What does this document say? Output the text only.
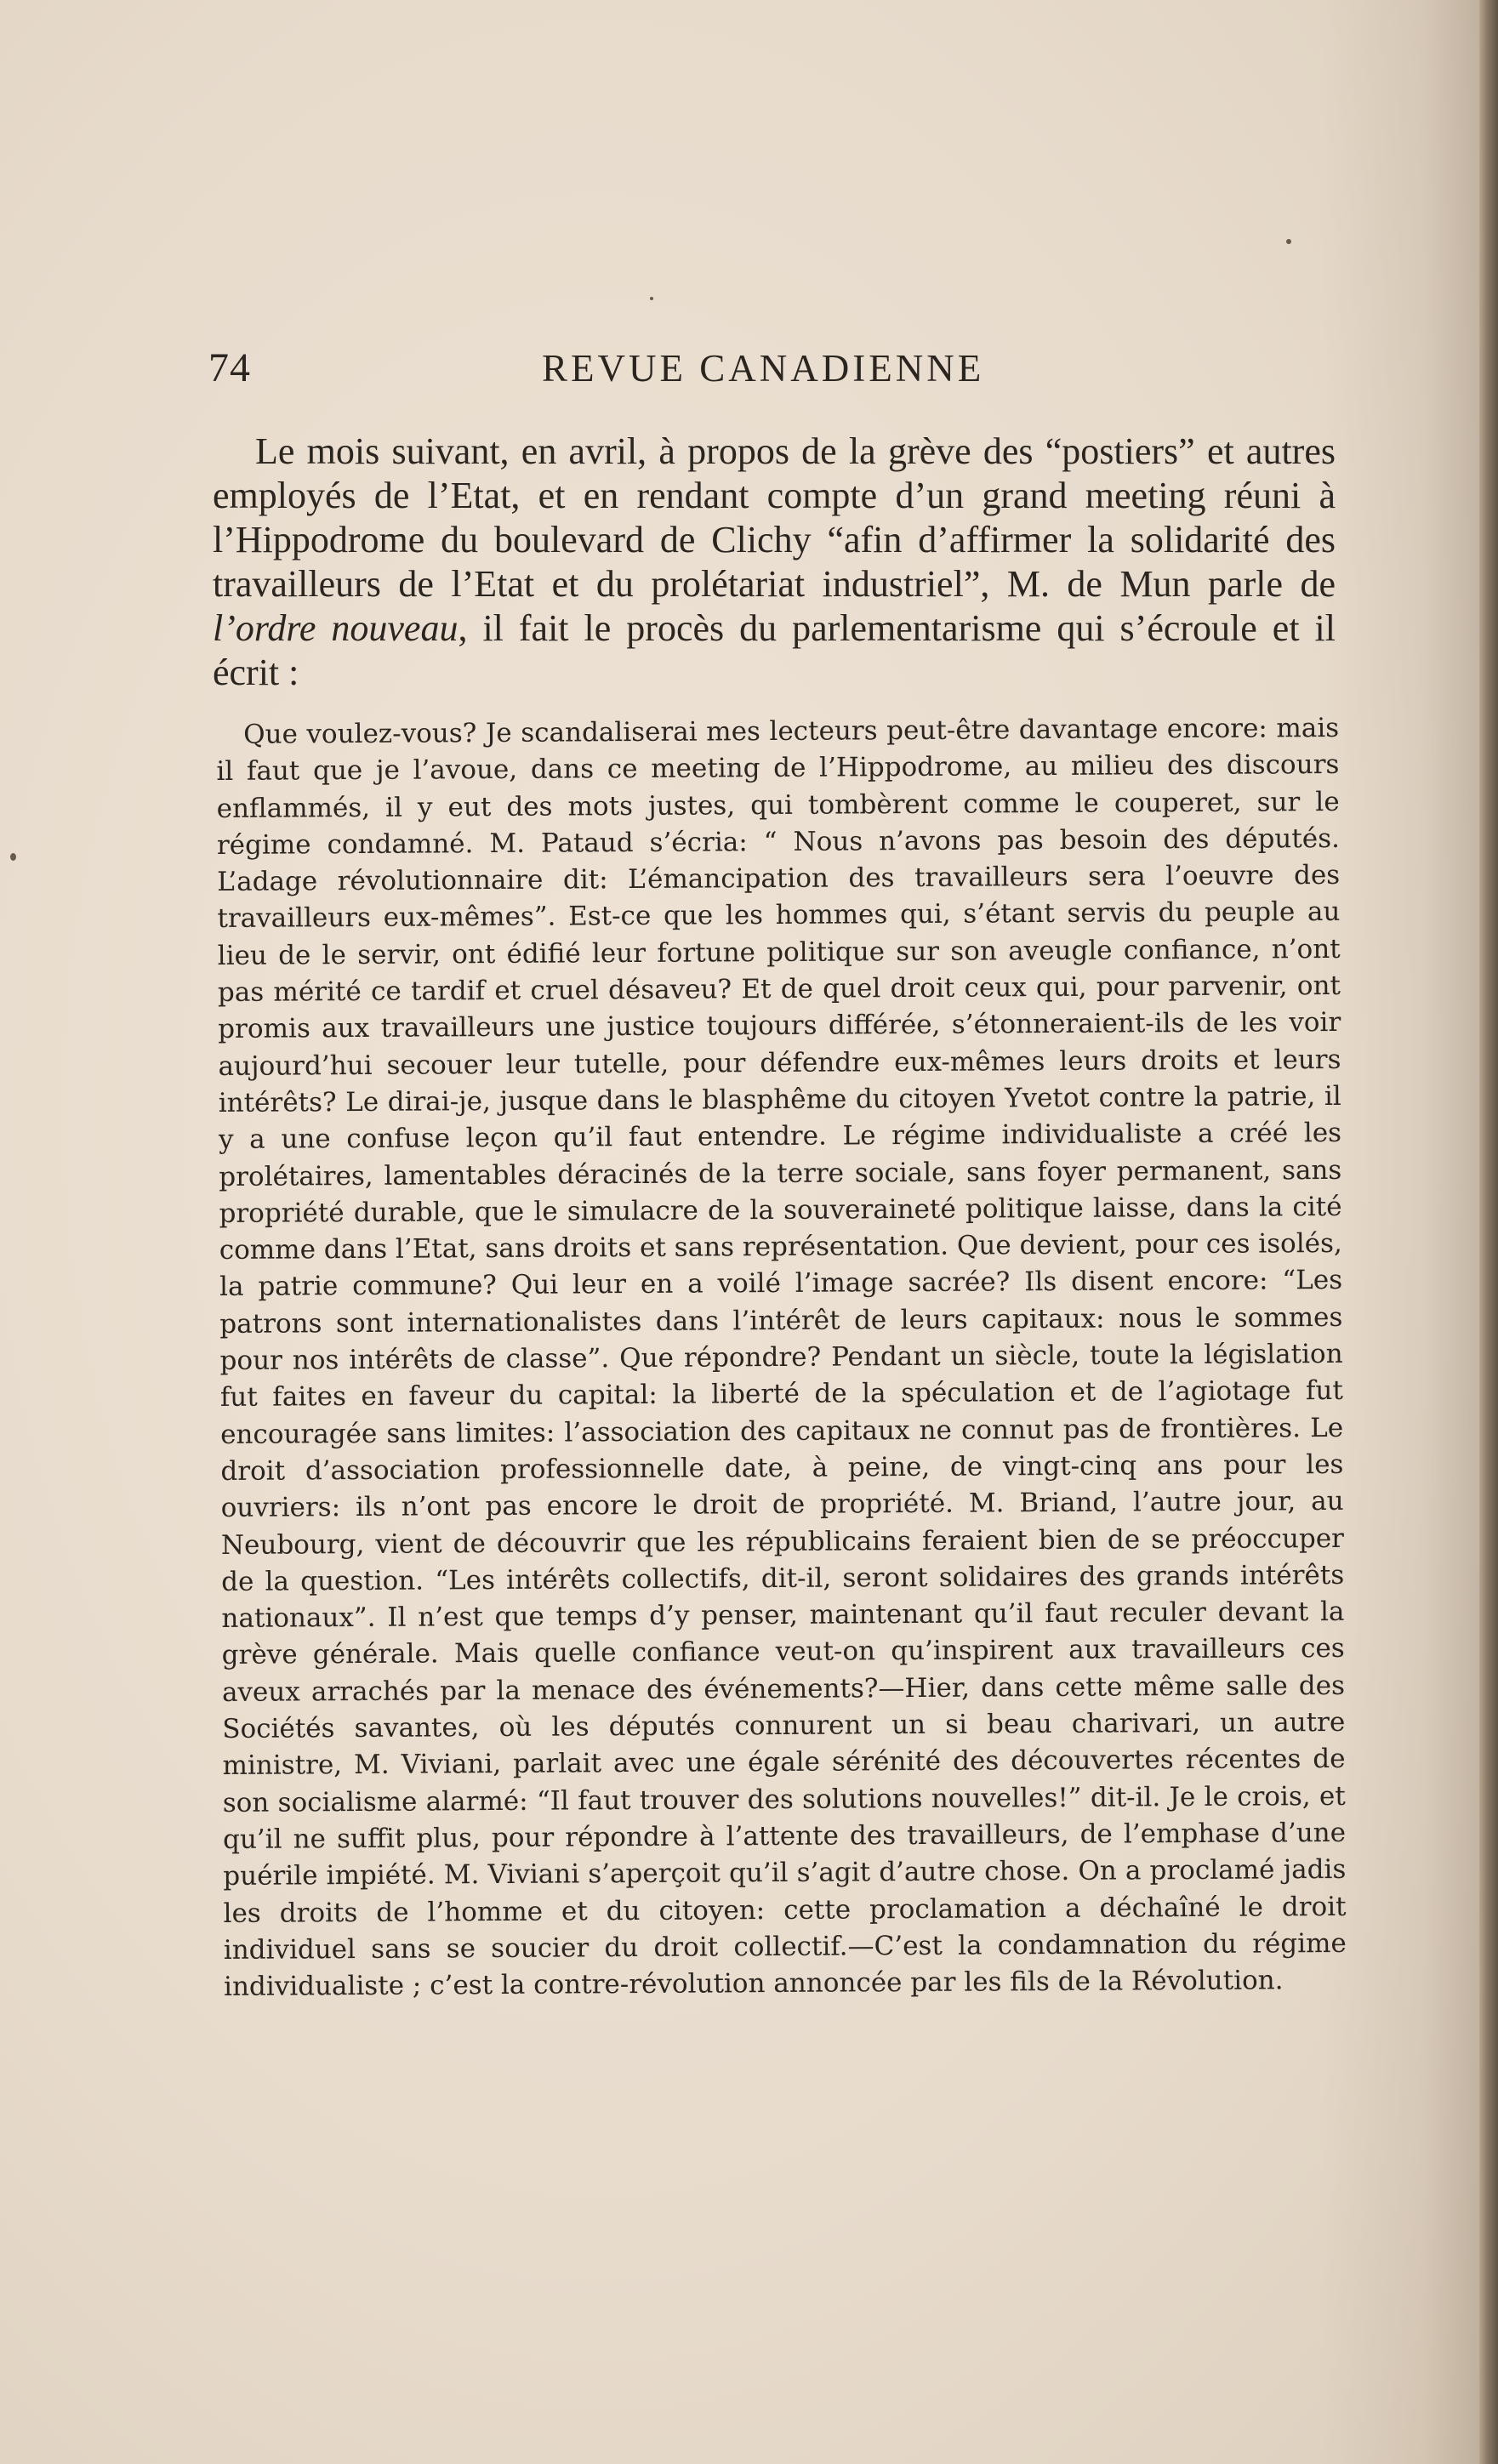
74	REVUE CANADIENNE

Le mois suivant, en avril, à propos de la grève des “postiers” et autres employés de l’Etat, et en rendant compte d’un grand meeting réuni à l’Hippodrome du boulevard de Clichy “afin d’affirmer la solidarité des travailleurs de l’Etat et du prolétariat industriel”, M. de Mun parle de l’ordre nouveau, il fait le procès du parlementarisme qui s’écroule et il écrit :

Que voulez-vous? Je scandaliserai mes lecteurs peut-être davantage encore: mais il faut que je l’avoue, dans ce meeting de l’Hippodrome, au milieu des discours enflammés, il y eut des mots justes, qui tombèrent comme le couperet, sur le régime condamné. M. Pataud s’écria: “ Nous n’avons pas besoin des députés. L’adage révolutionnaire dit: L’émancipation des travailleurs sera l’oeuvre des travailleurs eux-mêmes”. Est-ce que les hommes qui, s’étant servis du peuple au lieu de le servir, ont édifié leur fortune politique sur son aveugle confiance, n’ont pas mérité ce tardif et cruel désaveu? Et de quel droit ceux qui, pour parvenir, ont promis aux travailleurs une justice toujours différée, s’étonneraient-ils de les voir aujourd’hui secouer leur tutelle, pour défendre eux-mêmes leurs droits et leurs intérêts? Le dirai-je, jusque dans le blasphême du citoyen Yvetot contre la patrie, il y a une confuse leçon qu’il faut entendre. Le régime individualiste a créé les prolétaires, lamentables déracinés de la terre sociale, sans foyer permanent, sans propriété durable, que le simulacre de la souveraineté politique laisse, dans la cité comme dans l’Etat, sans droits et sans représentation. Que devient, pour ces isolés, la patrie commune? Qui leur en a voilé l’image sacrée? Ils disent encore: “Les patrons sont internationalistes dans l’intérêt de leurs capitaux: nous le sommes pour nos intérêts de classe”. Que répondre? Pendant un siècle, toute la législation fut faites en faveur du capital: la liberté de la spéculation et de l’agiotage fut encouragée sans limites: l’association des capitaux ne connut pas de frontières. Le droit d’association professionnelle date, à peine, de vingt-cinq ans pour les ouvriers: ils n’ont pas encore le droit de propriété. M. Briand, l’autre jour, au Neubourg, vient de découvrir que les républicains feraient bien de se préoccuper de la question. “Les intérêts collectifs, dit-il, seront solidaires des grands intérêts nationaux”. Il n’est que temps d’y penser, maintenant qu’il faut reculer devant la grève générale. Mais quelle confiance veut-on qu’inspirent aux travailleurs ces aveux arrachés par la menace des événements?—Hier, dans cette même salle des Sociétés savantes, où les députés connurent un si beau charivari, un autre ministre, M. Viviani, parlait avec une égale sérénité des découvertes récentes de son socialisme alarmé: “Il faut trouver des solutions nouvelles!” dit-il. Je le crois, et qu’il ne suffit plus, pour répondre à l’attente des travailleurs, de l’emphase d’une puérile impiété. M. Viviani s’aperçoit qu’il s’agit d’autre chose. On a proclamé jadis les droits de l’homme et du citoyen: cette proclamation a déchaîné le droit individuel sans se soucier du droit collectif.—C’est la condamnation du régime individualiste ; c’est la contre-révolution annoncée par les fils de la Révolution.
